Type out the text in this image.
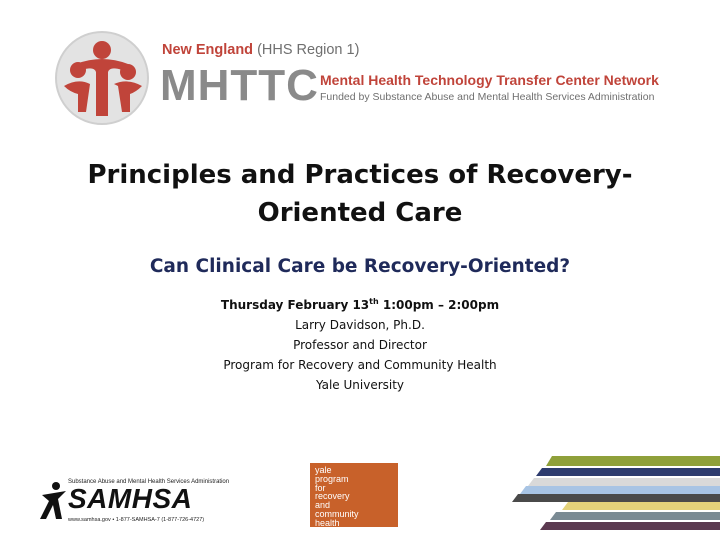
New England (HHS Region 1)
MHTTC Mental Health Technology Transfer Center Network
Funded by Substance Abuse and Mental Health Services Administration
Principles and Practices of Recovery-Oriented Care
Can Clinical Care be Recovery-Oriented?
Thursday February 13th 1:00pm – 2:00pm
Larry Davidson, Ph.D.
Professor and Director
Program for Recovery and Community Health
Yale University
Substance Abuse and Mental Health Services Administration
SAMHSA
www.samhsa.gov • 1-877-SAMHSA-7 (1-877-726-4727)
yale
program
for
recovery
and
community
health
